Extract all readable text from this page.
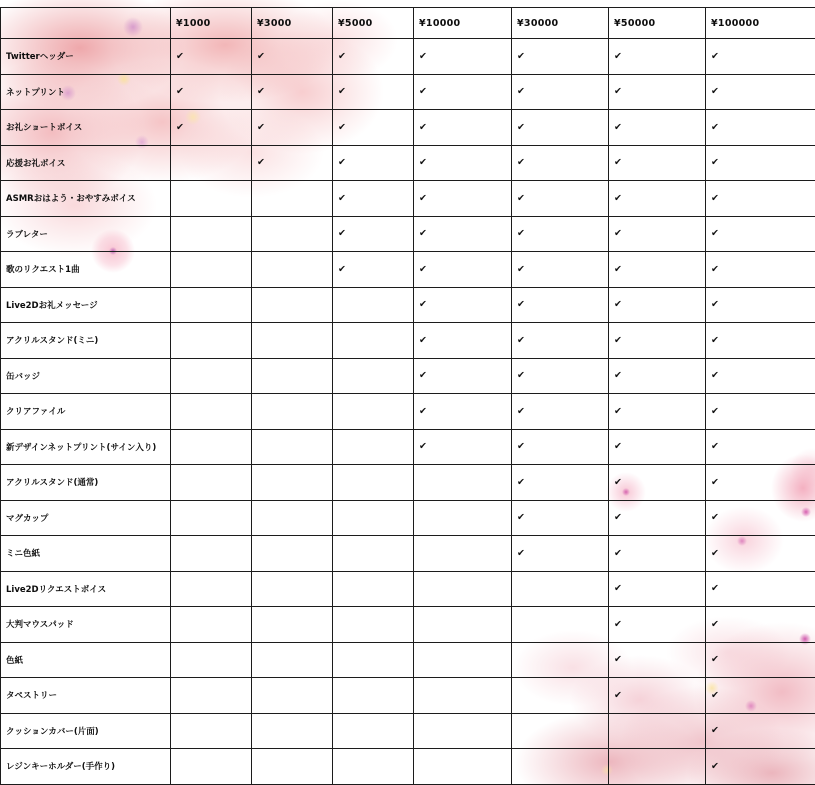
	¥1000	¥3000	¥5000	¥10000	¥30000	¥50000	¥100000
Twitterヘッダー	✔	✔	✔	✔	✔	✔	✔
ネットプリント	✔	✔	✔	✔	✔	✔	✔
お礼ショートボイス	✔	✔	✔	✔	✔	✔	✔
応援お礼ボイス		✔	✔	✔	✔	✔	✔
ASMRおはよう・おやすみボイス			✔	✔	✔	✔	✔
ラブレター			✔	✔	✔	✔	✔
歌のリクエスト1曲			✔	✔	✔	✔	✔
Live2Dお礼メッセージ				✔	✔	✔	✔
アクリルスタンド(ミニ)				✔	✔	✔	✔
缶バッジ				✔	✔	✔	✔
クリアファイル				✔	✔	✔	✔
新デザインネットプリント(サイン入り)				✔	✔	✔	✔
アクリルスタンド(通常)					✔	✔	✔
マグカップ					✔	✔	✔
ミニ色紙					✔	✔	✔
Live2Dリクエストボイス						✔	✔
大判マウスパッド						✔	✔
色紙						✔	✔
タペストリー						✔	✔
クッションカバー(片面)							✔
レジンキーホルダー(手作り)							✔
